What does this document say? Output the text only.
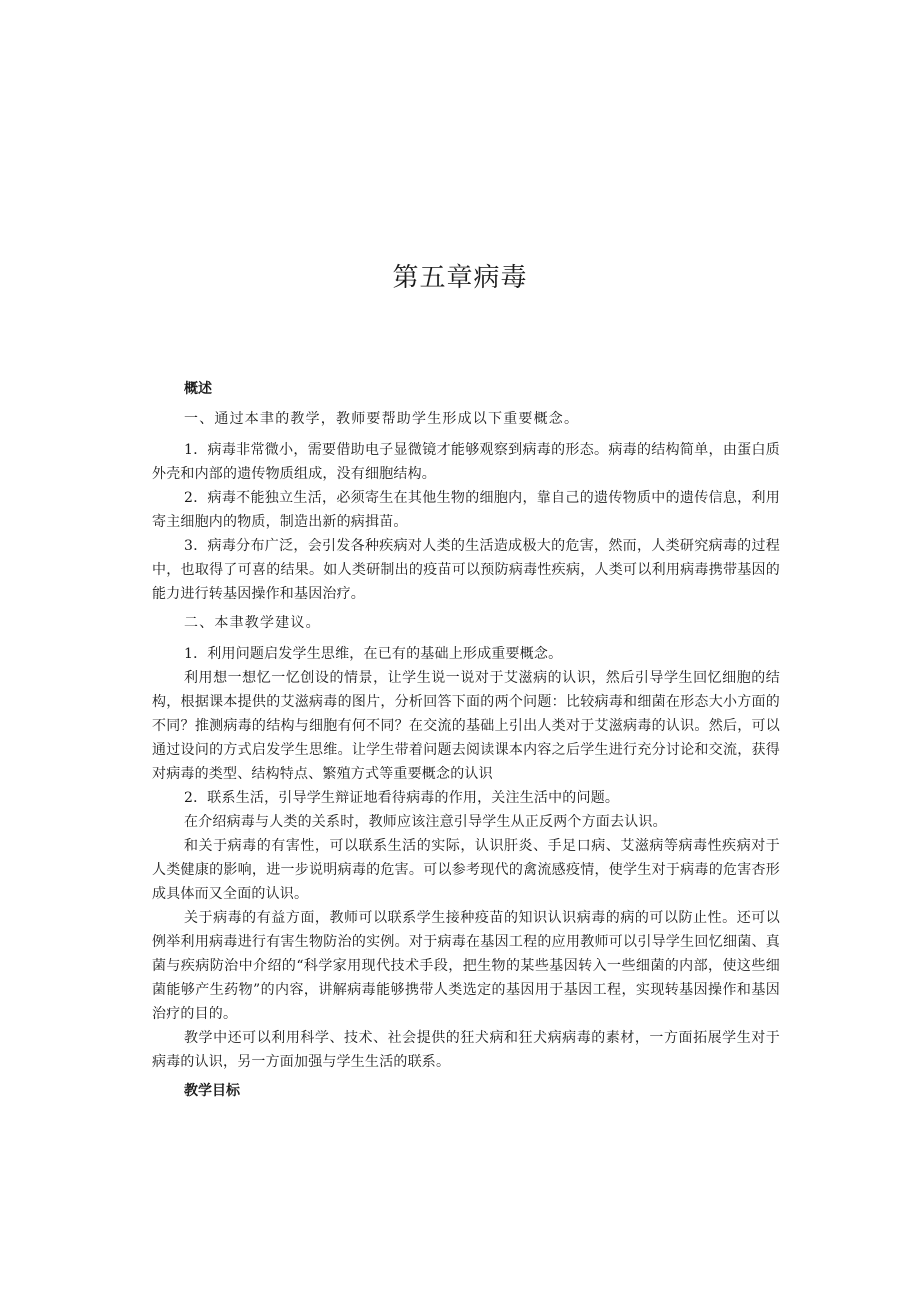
第五章病毒

概述

一、通过本聿的教学，教师要帮助学生形成以下重要概念。

1．病毒非常微小，需要借助电子显微镜才能够观察到病毒的形态。病毒的结构简单，由蛋白质外壳和内部的遗传物质组成，没有细胞结构。

2．病毒不能独立生活，必须寄生在其他生物的细胞内，靠自己的遗传物质中的遗传信息，利用寄主细胞内的物质，制造出新的病揖苗。

3．病毒分布广泛，会引发各种疾病对人类的生活造成极大的危害，然而，人类研究病毒的过程中，也取得了可喜的结果。如人类研制出的疫苗可以预防病毒性疾病，人类可以利用病毒携带基因的能力进行转基因操作和基因治疗。

二、本聿教学建议。

1．利用问题启发学生思维，在已有的基础上形成重要概念。

利用想一想忆一忆创设的情景，让学生说一说对于艾滋病的认识，然后引导学生回忆细胞的结构，根据课本提供的艾滋病毒的图片，分析回答下面的两个问题：比较病毒和细菌在形态大小方面的不同？推测病毒的结构与细胞有何不同？在交流的基础上引出人类对于艾滋病毒的认识。然后，可以通过设问的方式启发学生思维。让学生带着问题去阅读课本内容之后学生进行充分讨论和交流，获得对病毒的类型、结构特点、繁殖方式等重要概念的认识

2．联系生活，引导学生辩证地看待病毒的作用，关注生活中的问题。

在介绍病毒与人类的关系时，教师应该注意引导学生从正反两个方面去认识。

和关于病毒的有害性，可以联系生活的实际，认识肝炎、手足口病、艾滋病等病毒性疾病对于人类健康的影响，进一步说明病毒的危害。可以参考现代的禽流感疫情，使学生对于病毒的危害杏形成具体而又全面的认识。

关于病毒的有益方面，教师可以联系学生接种疫苗的知识认识病毒的病的可以防止性。还可以例举利用病毒进行有害生物防治的实例。对于病毒在基因工程的应用教师可以引导学生回忆细菌、真菌与疾病防治中介绍的“科学家用现代技术手段，把生物的某些基因转入一些细菌的内部，使这些细菌能够产生药物”的内容，讲解病毒能够携带人类选定的基因用于基因工程，实现转基因操作和基因治疗的目的。

教学中还可以利用科学、技术、社会提供的狂犬病和狂犬病病毒的素材，一方面拓展学生对于病毒的认识，另一方面加强与学生生活的联系。

教学目标
